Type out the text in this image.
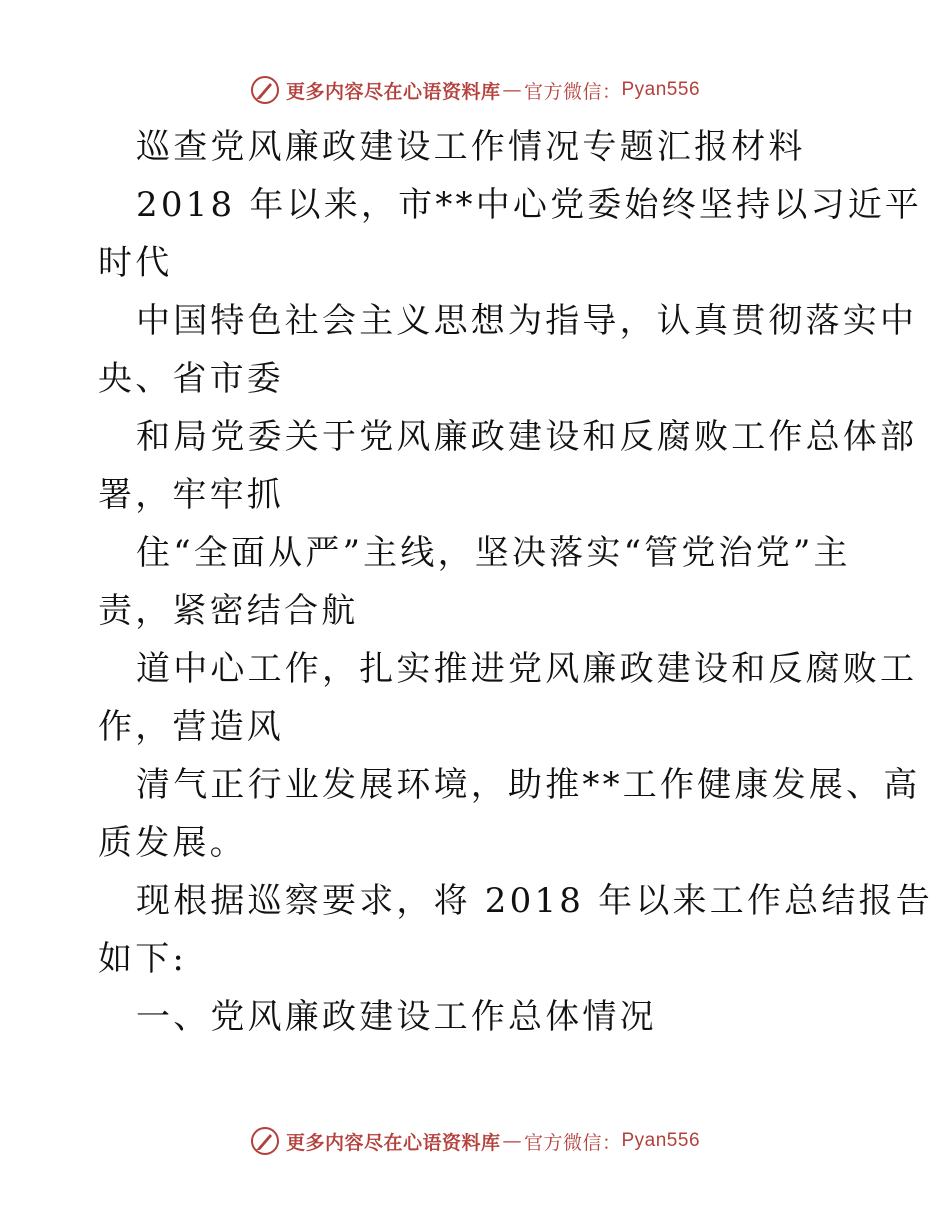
更多内容尽在心语资料库 — 官方微信： Pyan556
巡查党风廉政建设工作情况专题汇报材料
2018 年以来，市**中心党委始终坚持以习近平
时代
中国特色社会主义思想为指导，认真贯彻落实中
央、省市委
和局党委关于党风廉政建设和反腐败工作总体部
署，牢牢抓
住“全面从严”主线，坚决落实“管党治党”主
责，紧密结合航
道中心工作，扎实推进党风廉政建设和反腐败工
作，营造风
清气正行业发展环境，助推**工作健康发展、高
质发展。
现根据巡察要求，将 2018 年以来工作总结报告
如下:
一、党风廉政建设工作总体情况
更多内容尽在心语资料库 — 官方微信： Pyan556
